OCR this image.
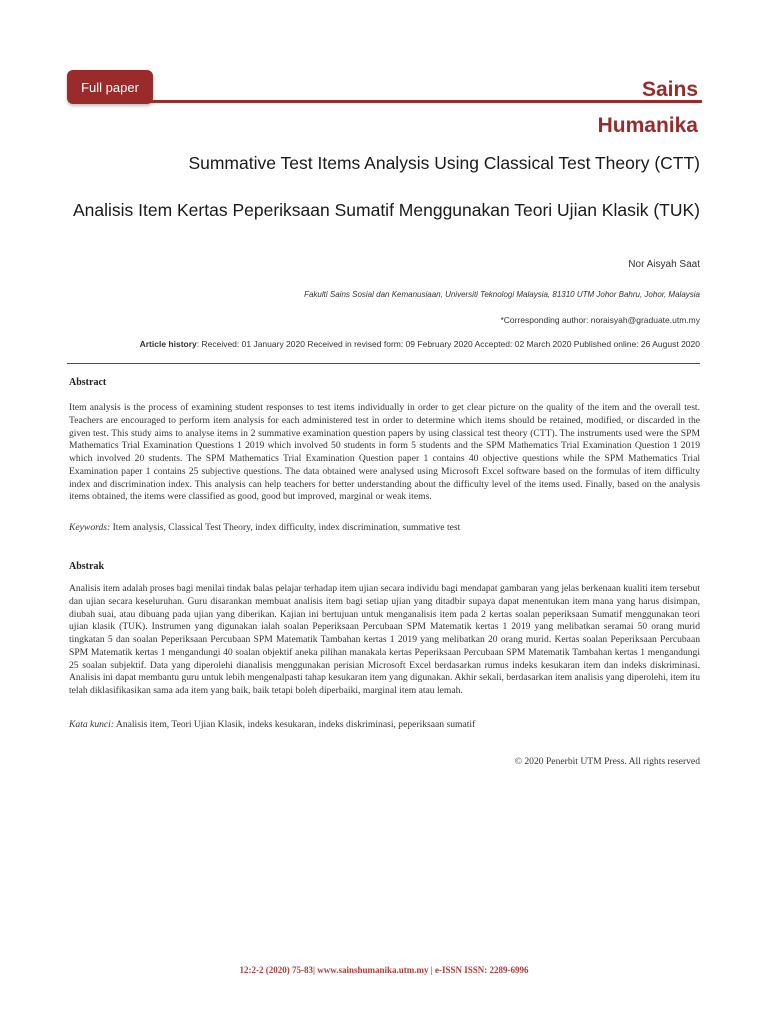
Full paper	Sains
Humanika
Summative Test Items Analysis Using Classical Test Theory (CTT)
Analisis Item Kertas Peperiksaan Sumatif Menggunakan Teori Ujian Klasik (TUK)
Nor Aisyah Saat
Fakulti Sains Sosial dan Kemanusiaan, Universiti Teknologi Malaysia, 81310 UTM Johor Bahru, Johor, Malaysia
*Corresponding author: noraisyah@graduate.utm.my
Article history: Received: 01 January 2020 Received in revised form: 09 February 2020 Accepted: 02 March 2020 Published online: 26 August 2020
Abstract
Item analysis is the process of examining student responses to test items individually in order to get clear picture on the quality of the item and the overall test. Teachers are encouraged to perform item analysis for each administered test in order to determine which items should be retained, modified, or discarded in the given test. This study aims to analyse items in 2 summative examination question papers by using classical test theory (CTT). The instruments used were the SPM Mathematics Trial Examination Questions 1 2019 which involved 50 students in form 5 students and the SPM Mathematics Trial Examination Question 1 2019 which involved 20 students. The SPM Mathematics Trial Examination Question paper 1 contains 40 objective questions while the SPM Mathematics Trial Examination paper 1 contains 25 subjective questions. The data obtained were analysed using Microsoft Excel software based on the formulas of item difficulty index and discrimination index. This analysis can help teachers for better understanding about the difficulty level of the items used. Finally, based on the analysis items obtained, the items were classified as good, good but improved, marginal or weak items.
Keywords: Item analysis, Classical Test Theory, index difficulty, index discrimination, summative test
Abstrak
Analisis item adalah proses bagi menilai tindak balas pelajar terhadap item ujian secara individu bagi mendapat gambaran yang jelas berkenaan kualiti item tersebut dan ujian secara keseluruhan. Guru disarankan membuat analisis item bagi setiap ujian yang ditadbir supaya dapat menentukan item mana yang harus disimpan, diubah suai, atau dibuang pada ujian yang diberikan. Kajian ini bertujuan untuk menganalisis item pada 2 kertas soalan peperiksaan Sumatif menggunakan teori ujian klasik (TUK). Instrumen yang digunakan ialah soalan Peperiksaan Percubaan SPM Matematik kertas 1 2019 yang melibatkan seramai 50 orang murid tingkatan 5 dan soalan Peperiksaan Percubaan SPM Matematik Tambahan kertas 1 2019 yang melibatkan 20 orang murid. Kertas soalan Peperiksaan Percubaan SPM Matematik kertas 1 mengandungi 40 soalan objektif aneka pilihan manakala kertas Peperiksaan Percubaan SPM Matematik Tambahan kertas 1 mengandungi 25 soalan subjektif. Data yang diperolehi dianalisis menggunakan perisian Microsoft Excel berdasarkan rumus indeks kesukaran item dan indeks diskriminasi. Analisis ini dapat membantu guru untuk lebih mengenalpasti tahap kesukaran item yang digunakan. Akhir sekali, berdasarkan item analisis yang diperolehi, item itu telah diklasifikasikan sama ada item yang baik, baik tetapi boleh diperbaiki, marginal item atau lemah.
Kata kunci: Analisis item, Teori Ujian Klasik, indeks kesukaran, indeks diskriminasi, peperiksaan sumatif
© 2020 Penerbit UTM Press. All rights reserved
12:2-2 (2020) 75-83| www.sainshumanika.utm.my | e-ISSN ISSN: 2289-6996
